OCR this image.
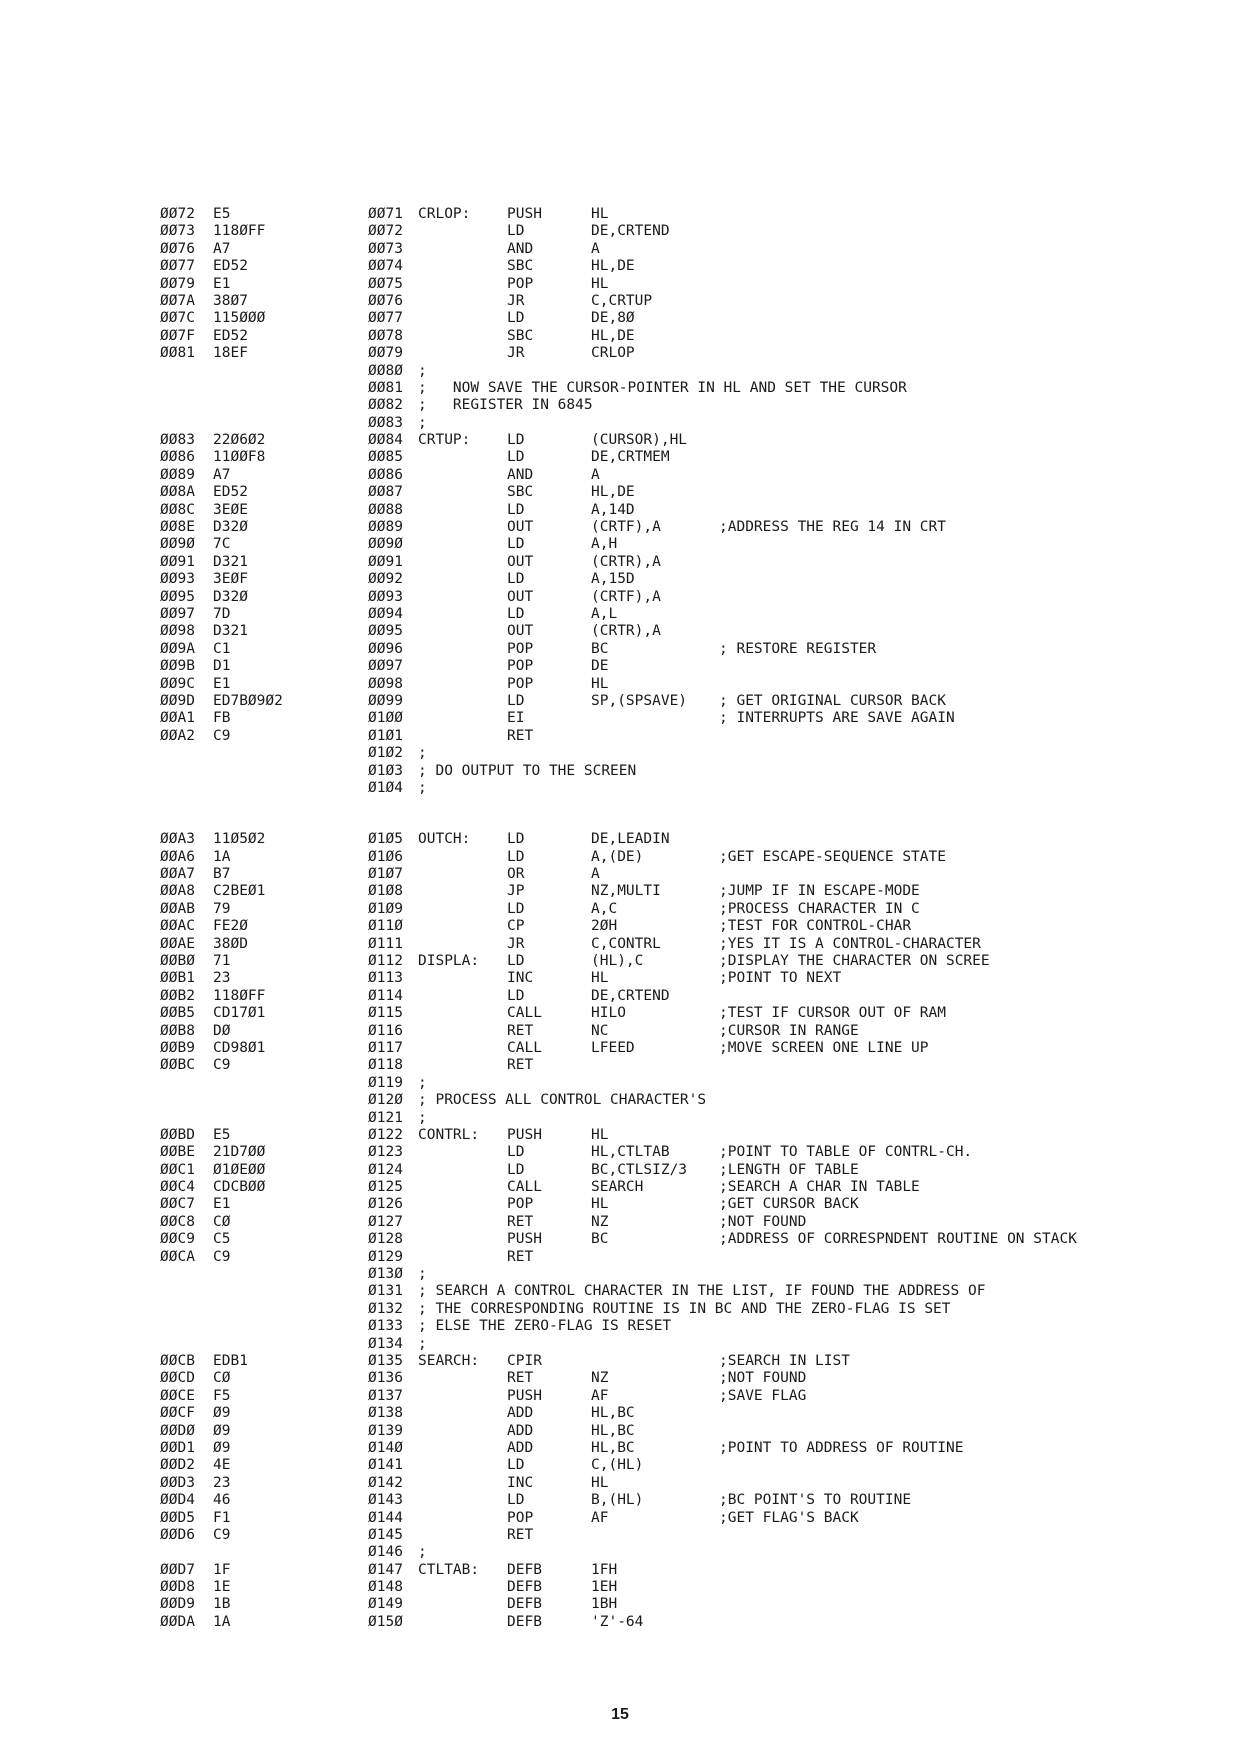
ØØ72 E5	ØØ71 CRLOP:	PUSH	HL
ØØ73 118ØFF	ØØ72	LD	DE,CRTEND
ØØ76 A7	ØØ73	AND	A
ØØ77 ED52	ØØ74	SBC	HL,DE
ØØ79 E1	ØØ75	POP	HL
ØØ7A 38Ø7	ØØ76	JR	C,CRTUP
ØØ7C 115ØØØ	ØØ77	LD	DE,8Ø
ØØ7F ED52	ØØ78	SBC	HL,DE
ØØ81 18EF	ØØ79	JR	CRLOP
ØØ8Ø ;
ØØ81 ;   NOW SAVE THE CURSOR-POINTER IN HL AND SET THE CURSOR
ØØ82 ;   REGISTER IN 6845
ØØ83 ;
ØØ83 22Ø6Ø2	ØØ84 CRTUP:	LD	(CURSOR),HL
ØØ86 11ØØF8	ØØ85	LD	DE,CRTMEM
ØØ89 A7	ØØ86	AND	A
ØØ8A ED52	ØØ87	SBC	HL,DE
ØØ8C 3EØE	ØØ88	LD	A,14D
ØØ8E D32Ø	ØØ89	OUT	(CRTF),A	;ADDRESS THE REG 14 IN CRT
ØØ9Ø 7C	ØØ9Ø	LD	A,H
ØØ91 D321	ØØ91	OUT	(CRTR),A
ØØ93 3EØF	ØØ92	LD	A,15D
ØØ95 D32Ø	ØØ93	OUT	(CRTF),A
ØØ97 7D	ØØ94	LD	A,L
ØØ98 D321	ØØ95	OUT	(CRTR),A
ØØ9A C1	ØØ96	POP	BC	; RESTORE REGISTER
ØØ9B D1	ØØ97	POP	DE
ØØ9C E1	ØØ98	POP	HL
ØØ9D ED7BØ9Ø2	ØØ99	LD	SP,(SPSAVE) ; GET ORIGINAL CURSOR BACK
ØØA1 FB	Ø1ØØ	EI	; INTERRUPTS ARE SAVE AGAIN
ØØA2 C9	Ø1Ø1	RET
Ø1Ø2 ;
Ø1Ø3 ; DO OUTPUT TO THE SCREEN
Ø1Ø4 ;
ØØA3 11Ø5Ø2	Ø1Ø5 OUTCH:	LD	DE,LEADIN
ØØA6 1A	Ø1Ø6	LD	A,(DE)	;GET ESCAPE-SEQUENCE STATE
ØØA7 B7	Ø1Ø7	OR	A
ØØA8 C2BEØ1	Ø1Ø8	JP	NZ,MULTI	;JUMP IF IN ESCAPE-MODE
ØØAB 79	Ø1Ø9	LD	A,C	;PROCESS CHARACTER IN C
ØØAC FE2Ø	Ø11Ø	CP	2ØH	;TEST FOR CONTROL-CHAR
ØØAE 38ØD	Ø111	JR	C,CONTRL	;YES IT IS A CONTROL-CHARACTER
ØØBØ 71	Ø112 DISPLA: LD	(HL),C	;DISPLAY THE CHARACTER ON SCREE
ØØB1 23	Ø113	INC	HL	;POINT TO NEXT
ØØB2 118ØFF	Ø114	LD	DE,CRTEND
ØØB5 CD17Ø1	Ø115	CALL	HILO	;TEST IF CURSOR OUT OF RAM
ØØB8 DØ	Ø116	RET	NC	;CURSOR IN RANGE
ØØB9 CD98Ø1	Ø117	CALL	LFEED	;MOVE SCREEN ONE LINE UP
ØØBC C9	Ø118	RET
Ø119 ;
Ø12Ø ; PROCESS ALL CONTROL CHARACTER'S
Ø121 ;
ØØBD E5	Ø122 CONTRL: PUSH	HL
ØØBE 21D7ØØ	Ø123	LD	HL,CTLTAB	;POINT TO TABLE OF CONTRL-CH.
ØØC1 Ø1ØEØØ	Ø124	LD	BC,CTLSIZ/3 ;LENGTH OF TABLE
ØØC4 CDCBØØ	Ø125	CALL	SEARCH	;SEARCH A CHAR IN TABLE
ØØC7 E1	Ø126	POP	HL	;GET CURSOR BACK
ØØC8 CØ	Ø127	RET	NZ	;NOT FOUND
ØØC9 C5	Ø128	PUSH	BC	;ADDRESS OF CORRESPNDENT ROUTINE ON STACK
ØØCA C9	Ø129	RET
Ø13Ø ;
Ø131 ; SEARCH A CONTROL CHARACTER IN THE LIST, IF FOUND THE ADDRESS OF
Ø132 ; THE CORRESPONDING ROUTINE IS IN BC AND THE ZERO-FLAG IS SET
Ø133 ; ELSE THE ZERO-FLAG IS RESET
Ø134 ;
ØØCB EDB1	Ø135 SEARCH: CPIR	;SEARCH IN LIST
ØØCD CØ	Ø136	RET	NZ	;NOT FOUND
ØØCE F5	Ø137	PUSH	AF	;SAVE FLAG
ØØCF Ø9	Ø138	ADD	HL,BC
ØØDØ Ø9	Ø139	ADD	HL,BC
ØØD1 Ø9	Ø14Ø	ADD	HL,BC	;POINT TO ADDRESS OF ROUTINE
ØØD2 4E	Ø141	LD	C,(HL)
ØØD3 23	Ø142	INC	HL
ØØD4 46	Ø143	LD	B,(HL)	;BC POINT'S TO ROUTINE
ØØD5 F1	Ø144	POP	AF	;GET FLAG'S BACK
ØØD6 C9	Ø145	RET
Ø146 ;
ØØD7 1F	Ø147 CTLTAB: DEFB	1FH
ØØD8 1E	Ø148	DEFB	1EH
ØØD9 1B	Ø149	DEFB	1BH
ØØDA 1A	Ø15Ø	DEFB	'Z'-64
15
